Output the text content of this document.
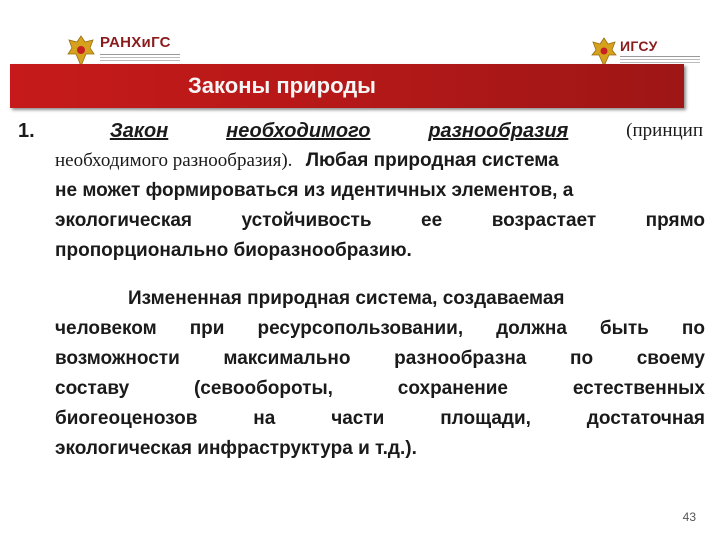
РАНХиГС	ИГСУ
Законы природы
1.	Закон	необходимого	разнообразия	(принцип
необходимого разнообразия). Любая природная система
не может формироваться из идентичных элементов, а
экологическая	устойчивость	ее	возрастает	прямо
пропорционально биоразнообразию.
Измененная природная система, создаваемая
человеком при ресурсопользовании, должна быть по
возможности максимально разнообразна по своему
составу	(севообороты,	сохранение	естественных
биогеоценозов	на	части	площади,	достаточная
экологическая инфраструктура и т.д.).
43
